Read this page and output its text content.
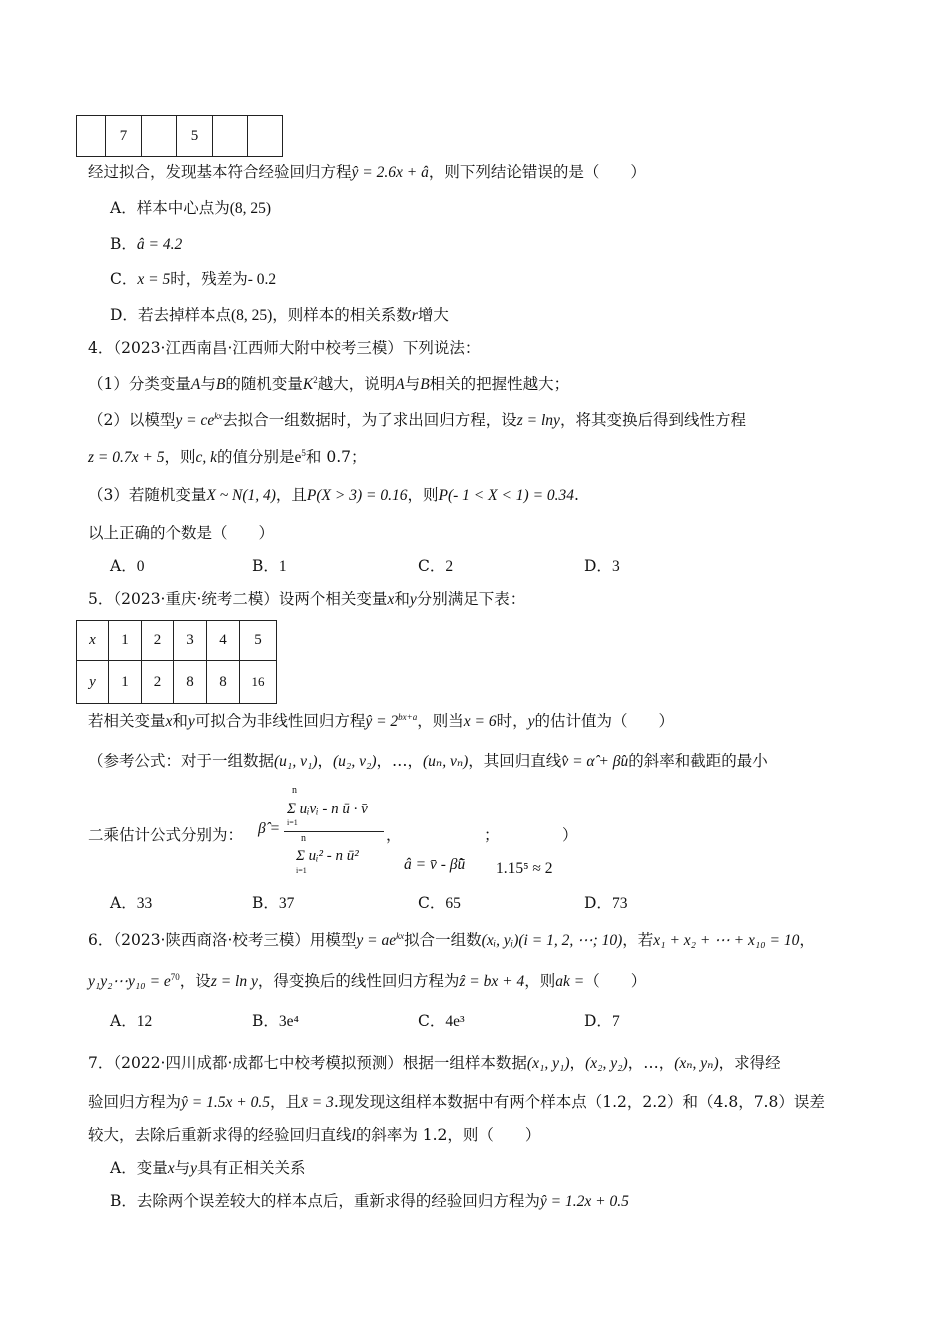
	7		5		
经过拟合，发现基本符合经验回归方程ŷ = 2.6x + â，则下列结论错误的是（　　）
A．样本中心点为(8, 25)
B．â = 4.2
C．x = 5时，残差为- 0.2
D．若去掉样本点(8, 25)，则样本的相关系数r增大
4．（2023·江西南昌·江西师大附中校考三模）下列说法：
（1）分类变量A与B的随机变量$K^2$越大，说明A与B相关的把握性越大；
（2）以模型$y = ce^{kx}$去拟合一组数据时，为了求出回归方程，设z = lny，将其变换后得到线性方程
z = 0.7x + 5，则c, k的值分别是$e^5$和 0.7；
（3）若随机变量X ~ N(1, 4)，且P(X > 3) = 0.16，则P(- 1 < X < 1) = 0.34.
以上正确的个数是（　　）
A．0	B．1	C．2	D．3
5．（2023·重庆·统考二模）设两个相关变量x和y分别满足下表：
x	1	2	3	4	5
y	1	2	8	8	16
若相关变量x和y可拟合为非线性回归方程ŷ = $2^{bx+a}$，则当x = 6时，y的估计值为（　　）
（参考公式：对于一组数据(u₁, v₁)，(u₂, v₂)，…，(uₙ, vₙ)，其回归直线v̂ = α̂ + β̂u的斜率和截距的最小
二乘估计公式分别为： β̂ =
n
Σ uᵢvᵢ - n ū · v̄
i=1
n
Σ uᵢ² - n ū²
i=1
，	；	）
â = v̄ - β̂ū 1.15⁵ ≈ 2
A．33	B．37	C．65	D．73
6．（2023·陕西商洛·校考三模）用模型$y = ae^{kx}$拟合一组数(xᵢ, yᵢ)(i = 1, 2, ⋯; 10)，若x₁ + x₂ + ⋯ + x₁₀ = 10，
y₁y₂⋯y₁₀ = $e^{70}$，设z = ln y，得变换后的线性回归方程为ẑ = bx + 4，则ak =（　　）
A．12	B．3e⁴	C．4e³	D．7
7．（2022·四川成都·成都七中校考模拟预测）根据一组样本数据(x₁, y₁)，(x₂, y₂)，…，(xₙ, yₙ)，求得经
验回归方程为ŷ = 1.5x + 0.5，且x̄ = 3.现发现这组样本数据中有两个样本点（1.2，2.2）和（4.8，7.8）误差
较大，去除后重新求得的经验回归直线l的斜率为 1.2，则（　　）
A．变量x与y具有正相关关系
B．去除两个误差较大的样本点后，重新求得的经验回归方程为ŷ = 1.2x + 0.5
